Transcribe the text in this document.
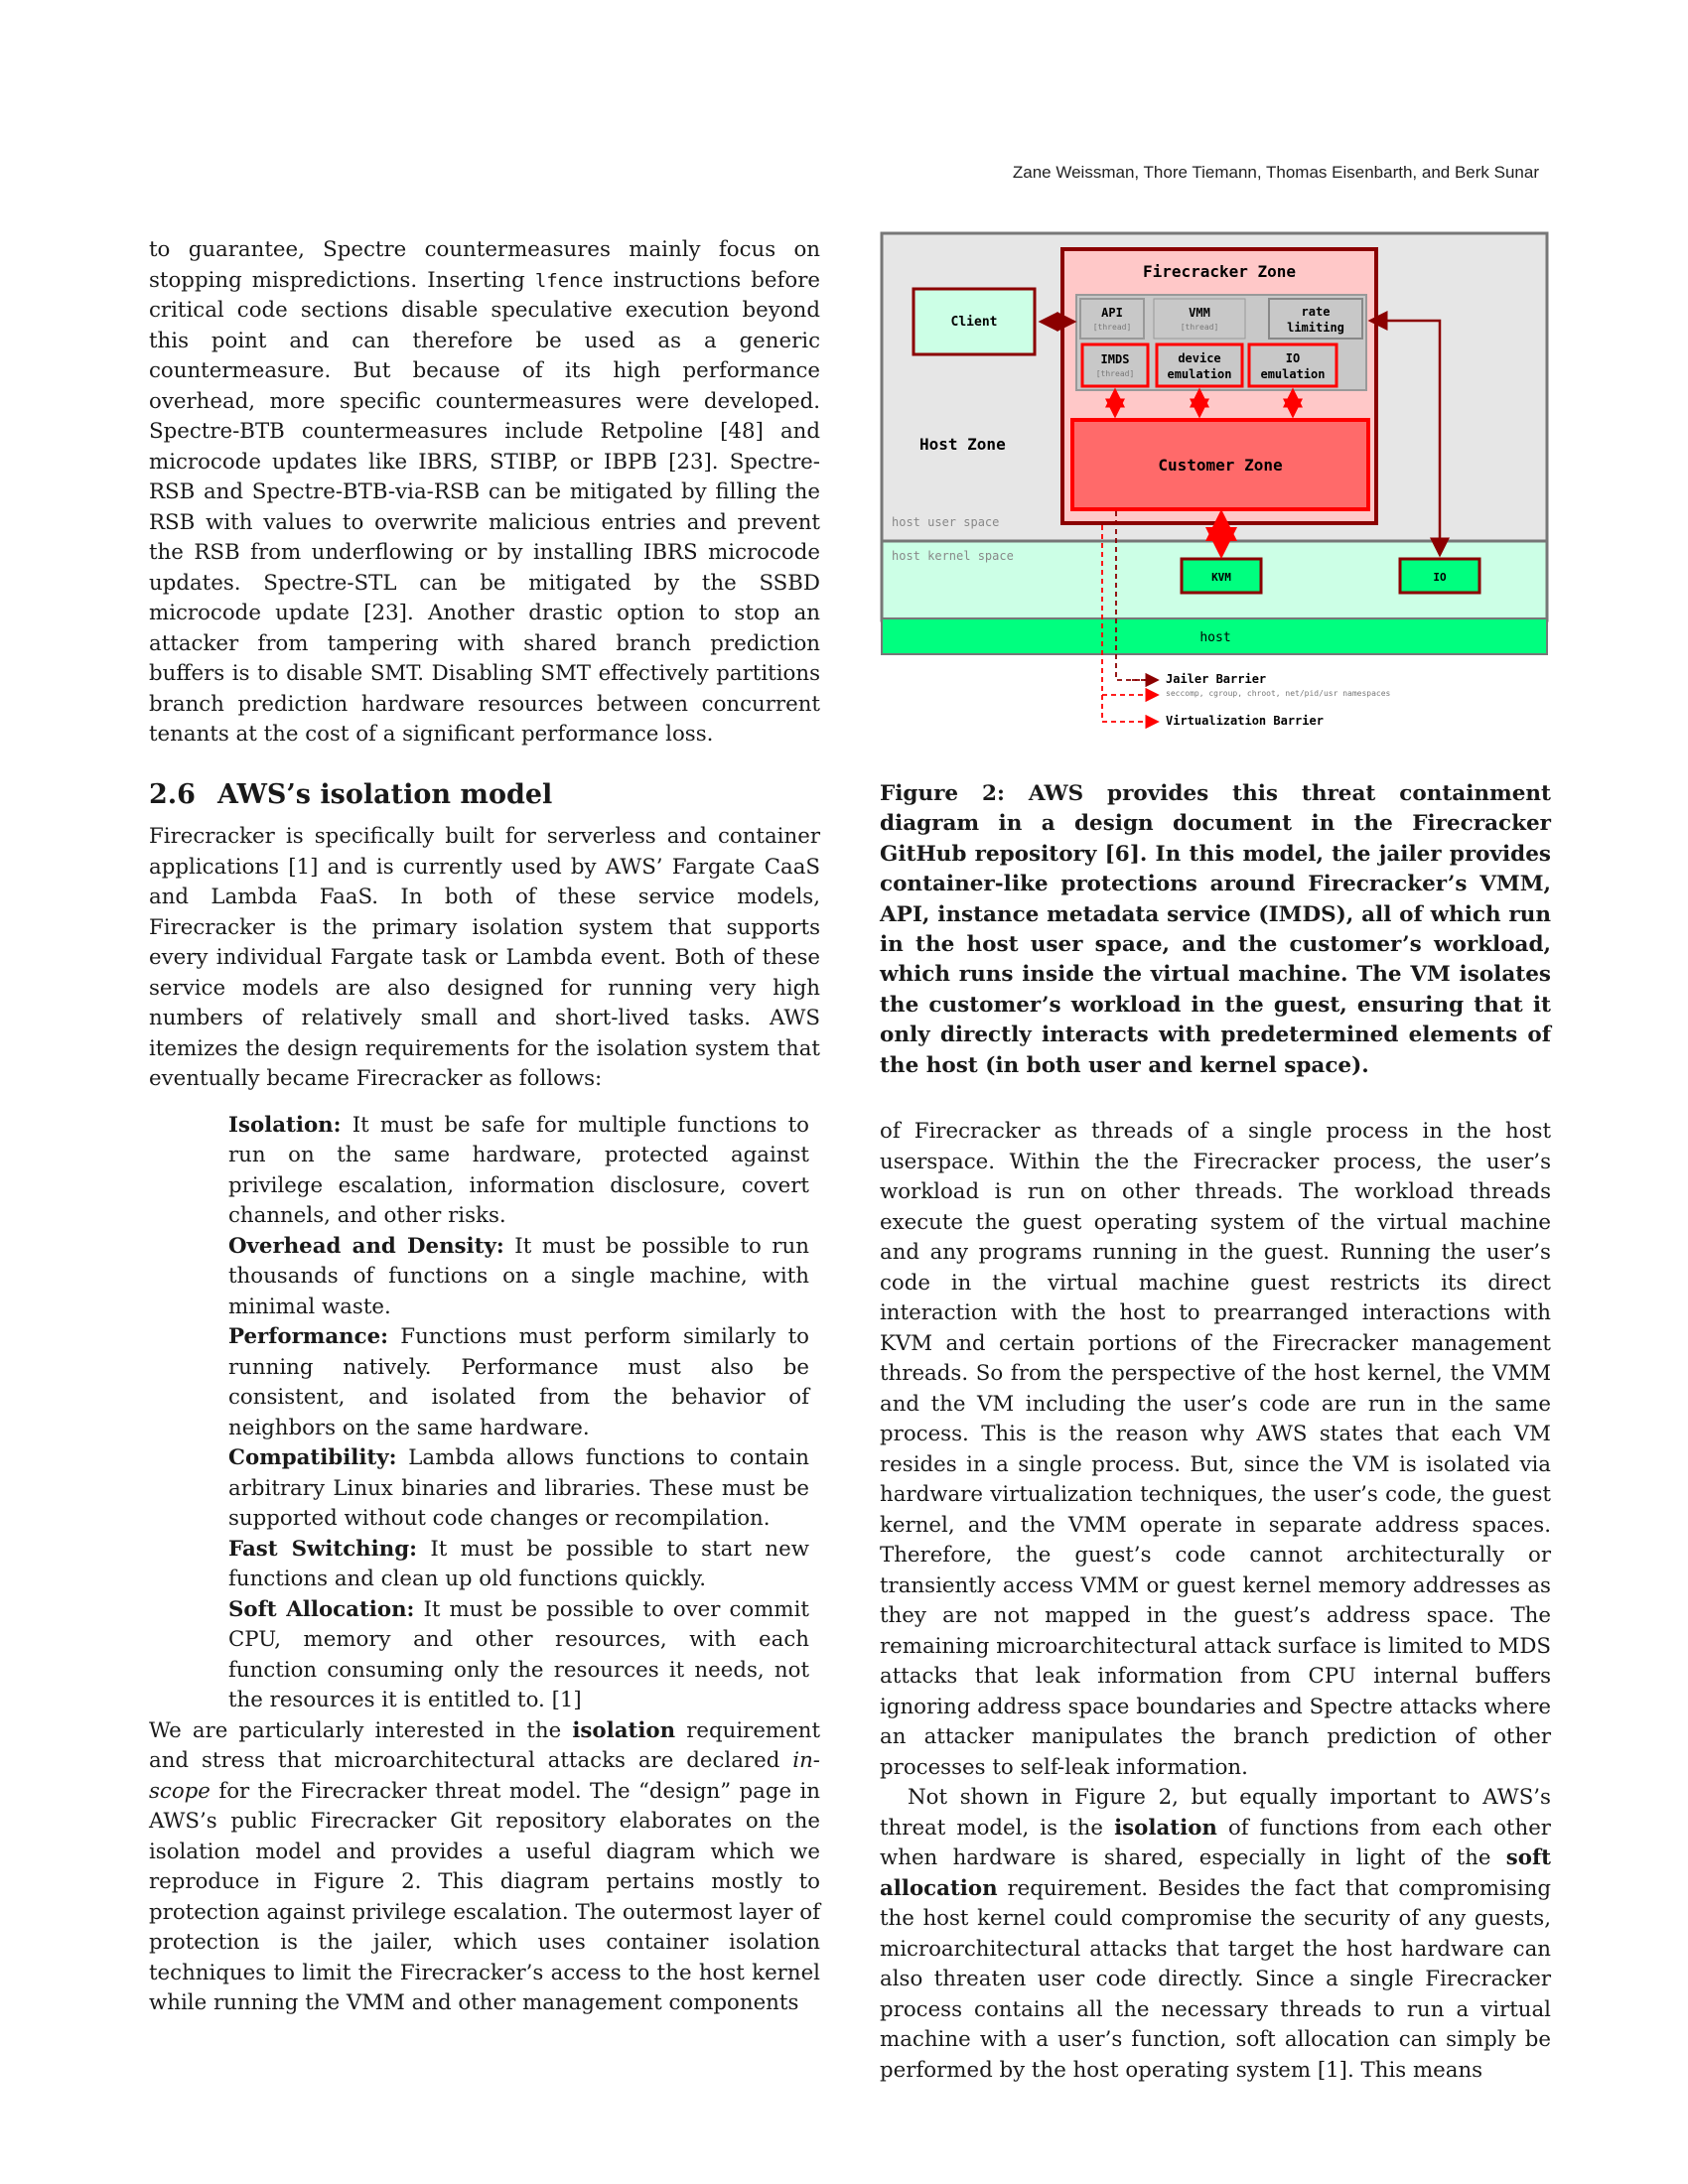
Zane Weissman, Thore Tiemann, Thomas Eisenbarth, and Berk Sunar

to guarantee, Spectre countermeasures mainly focus on stopping mispredictions. Inserting lfence instructions before critical code sections disable speculative execution beyond this point and can therefore be used as a generic countermeasure. But because of its high performance overhead, more specific countermeasures were developed. Spectre-BTB countermeasures include Retpoline [48] and microcode updates like IBRS, STIBP, or IBPB [23]. Spectre-RSB and Spectre-BTB-via-RSB can be mitigated by filling the RSB with values to overwrite malicious entries and prevent the RSB from underflowing or by installing IBRS microcode updates. Spectre-STL can be mitigated by the SSBD microcode update [23]. Another drastic option to stop an attacker from tampering with shared branch prediction buffers is to disable SMT. Disabling SMT effectively partitions branch prediction hardware resources between concurrent tenants at the cost of a significant performance loss.

2.6 AWS’s isolation model

Firecracker is specifically built for serverless and container applications [1] and is currently used by AWS’ Fargate CaaS and Lambda FaaS. In both of these service models, Firecracker is the primary isolation system that supports every individual Fargate task or Lambda event. Both of these service models are also designed for running very high numbers of relatively small and short-lived tasks. AWS itemizes the design requirements for the isolation system that eventually became Firecracker as follows:

Isolation: It must be safe for multiple functions to run on the same hardware, protected against privilege escalation, information disclosure, covert channels, and other risks.

Overhead and Density: It must be possible to run thousands of functions on a single machine, with minimal waste.

Performance: Functions must perform similarly to running natively. Performance must also be consistent, and isolated from the behavior of neighbors on the same hardware.

Compatibility: Lambda allows functions to contain arbitrary Linux binaries and libraries. These must be supported without code changes or recompilation.

Fast Switching: It must be possible to start new functions and clean up old functions quickly.

Soft Allocation: It must be possible to over commit CPU, memory and other resources, with each function consuming only the resources it needs, not the resources it is entitled to. [1]

We are particularly interested in the isolation requirement and stress that microarchitectural attacks are declared in-scope for the Firecracker threat model. The “design” page in AWS’s public Firecracker Git repository elaborates on the isolation model and provides a useful diagram which we reproduce in Figure 2. This diagram pertains mostly to protection against privilege escalation. The outermost layer of protection is the jailer, which uses container isolation techniques to limit the Firecracker’s access to the host kernel while running the VMM and other management components

Host Zone
host user space
host kernel space
host
Firecracker Zone
API
[thread]
VMM
[thread]
rate
limiting
IMDS
[thread]
device
emulation
IO
emulation
Customer Zone
Client
KVM	IO
Jailer Barrier
seccomp, cgroup, chroot, net/pid/usr namespaces
Virtualization Barrier
Figure 2: AWS provides this threat containment diagram in a design document in the Firecracker GitHub repository [6]. In this model, the jailer provides container-like protections around Firecracker’s VMM, API, instance metadata service (IMDS), all of which run in the host user space, and the customer’s workload, which runs inside the virtual machine. The VM isolates the customer’s workload in the guest, ensuring that it only directly interacts with predetermined elements of the host (in both user and kernel space).

of Firecracker as threads of a single process in the host userspace. Within the the Firecracker process, the user’s workload is run on other threads. The workload threads execute the guest operating system of the virtual machine and any programs running in the guest. Running the user’s code in the virtual machine guest restricts its direct interaction with the host to prearranged interactions with KVM and certain portions of the Firecracker management threads. So from the perspective of the host kernel, the VMM and the VM including the user’s code are run in the same process. This is the reason why AWS states that each VM resides in a single process. But, since the VM is isolated via hardware virtualization techniques, the user’s code, the guest kernel, and the VMM operate in separate address spaces. Therefore, the guest’s code cannot architecturally or transiently access VMM or guest kernel memory addresses as they are not mapped in the guest’s address space. The remaining microarchitectural attack surface is limited to MDS attacks that leak information from CPU internal buffers ignoring address space boundaries and Spectre attacks where an attacker manipulates the branch prediction of other processes to self-leak information.

Not shown in Figure 2, but equally important to AWS’s threat model, is the isolation of functions from each other when hardware is shared, especially in light of the soft allocation requirement. Besides the fact that compromising the host kernel could compromise the security of any guests, microarchitectural attacks that target the host hardware can also threaten user code directly. Since a single Firecracker process contains all the necessary threads to run a virtual machine with a user’s function, soft allocation can simply be performed by the host operating system [1]. This means
